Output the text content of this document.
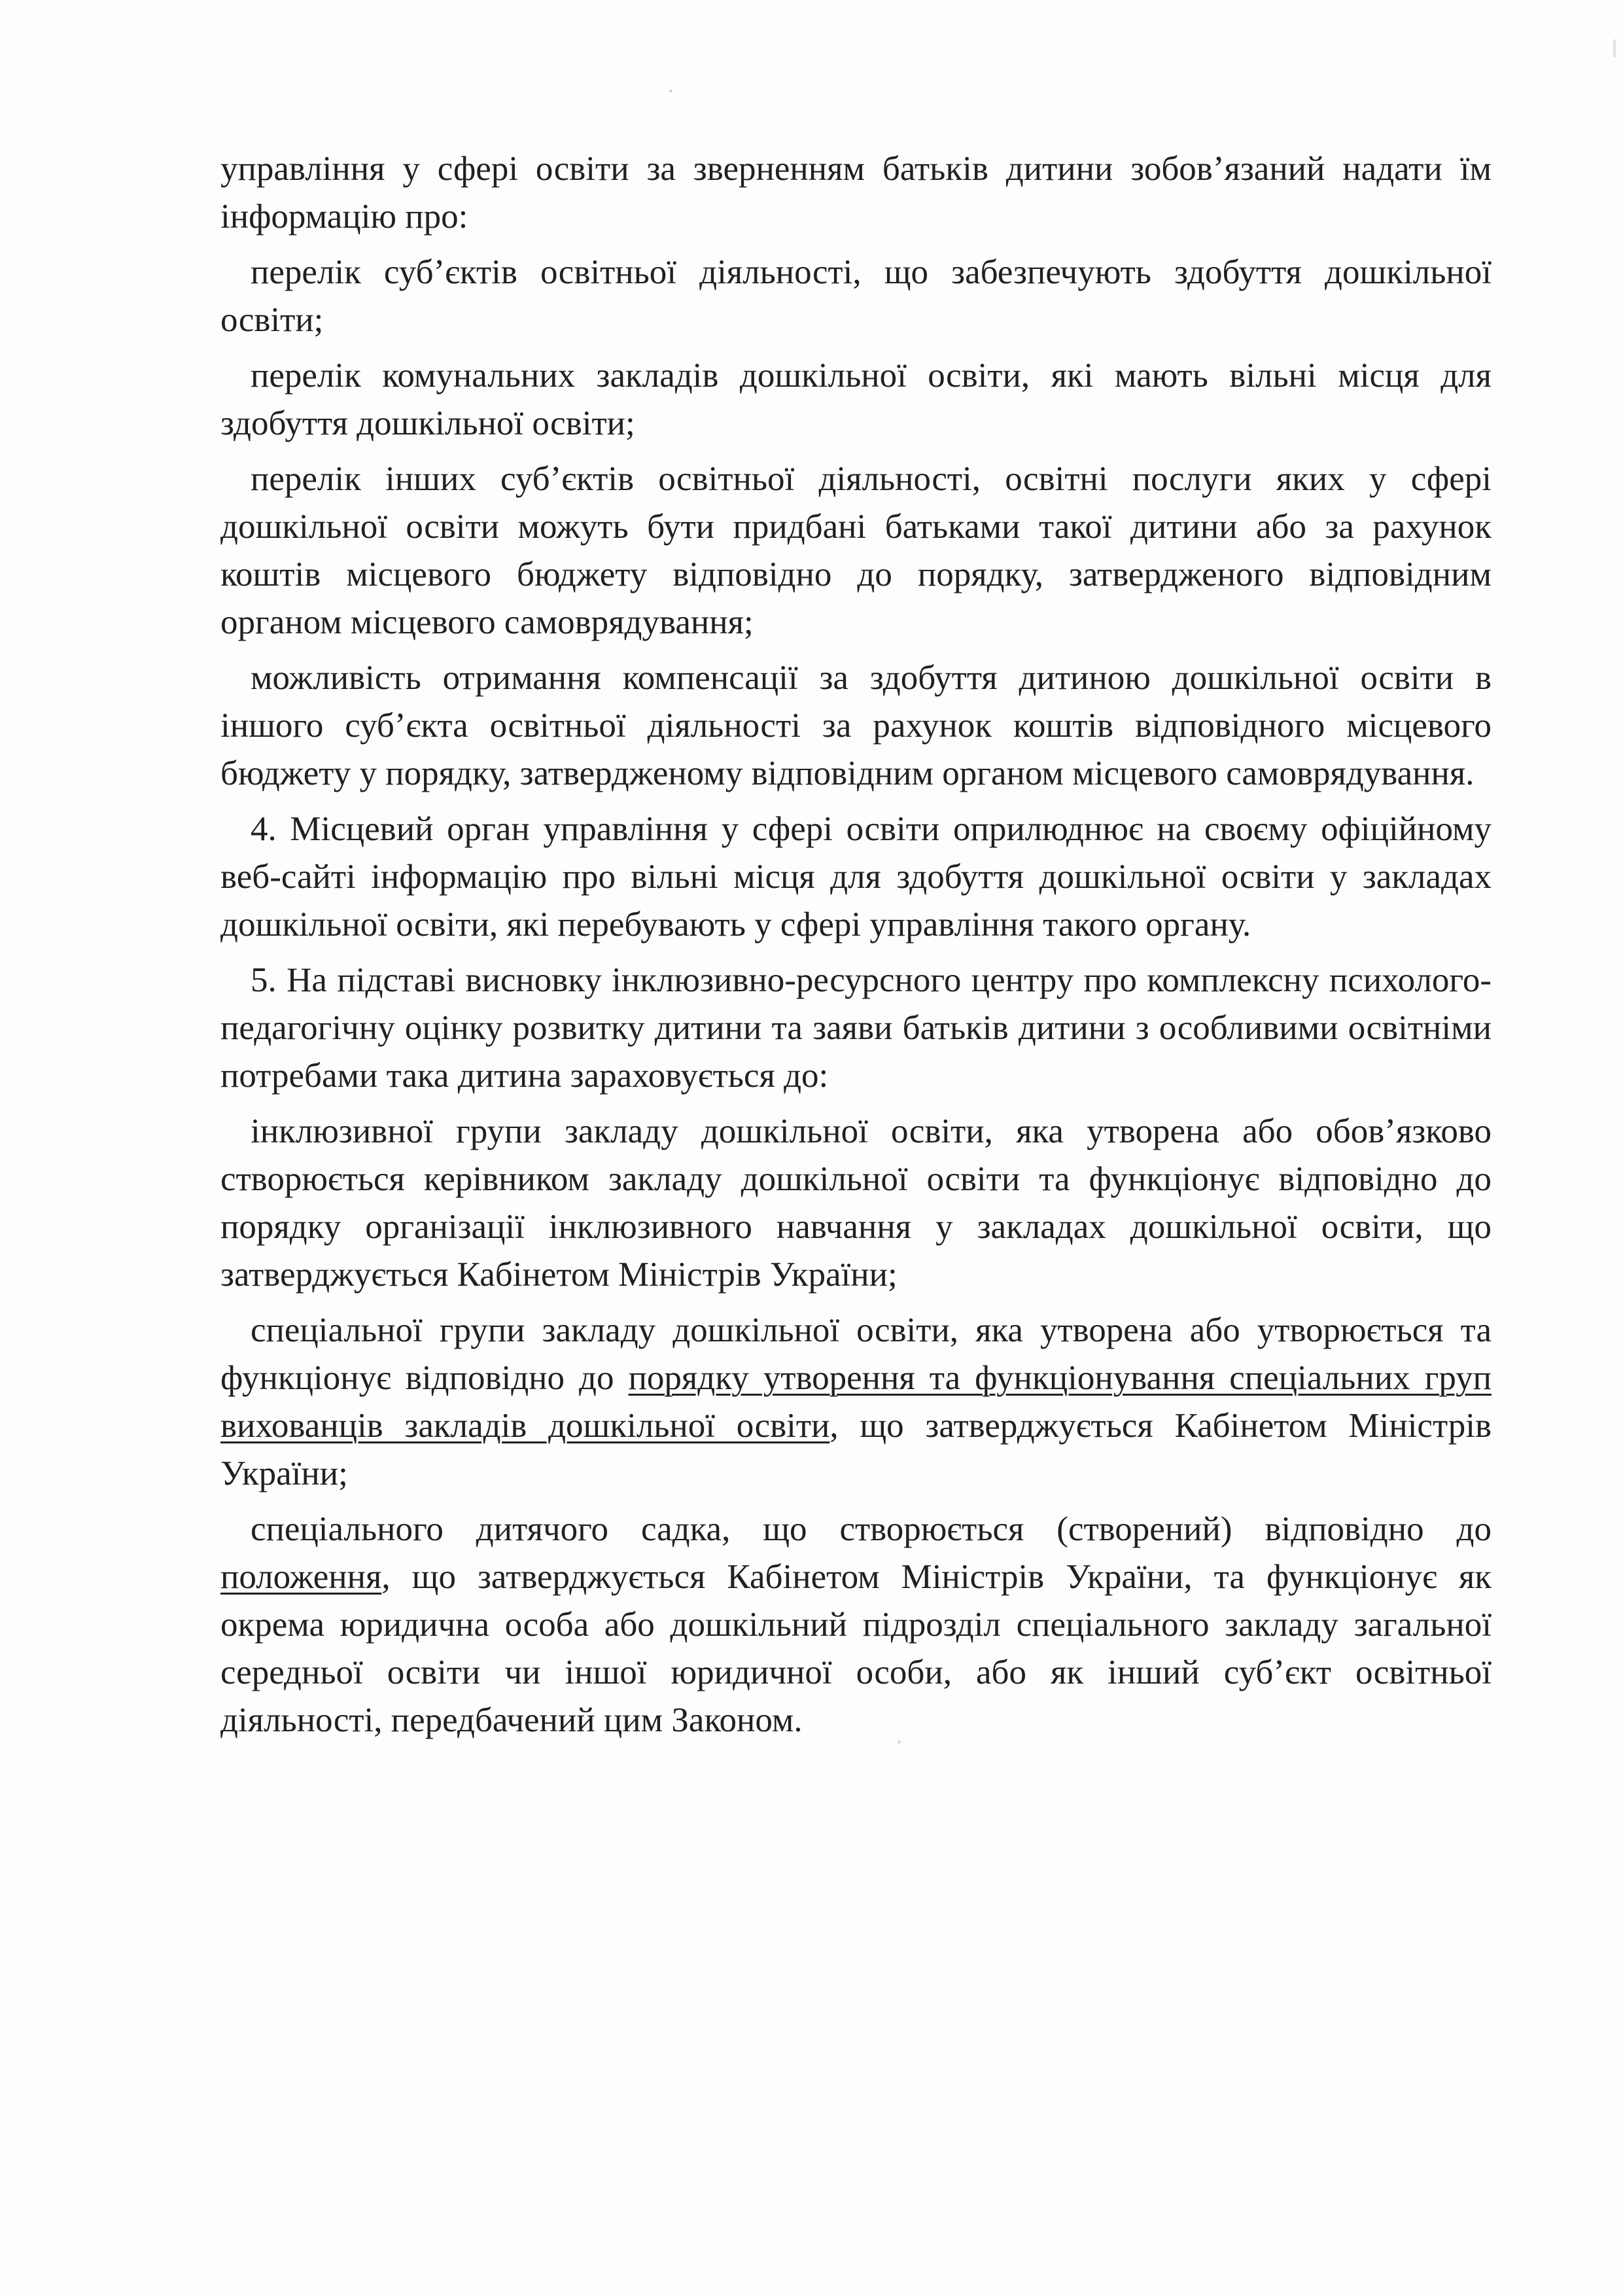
управління у сфері освіти за зверненням батьків дитини зобов’язаний надати їм інформацію про:

перелік суб’єктів освітньої діяльності, що забезпечують здобуття дошкільної освіти;

перелік комунальних закладів дошкільної освіти, які мають вільні місця для здобуття дошкільної освіти;

перелік інших суб’єктів освітньої діяльності, освітні послуги яких у сфері дошкільної освіти можуть бути придбані батьками такої дитини або за рахунок коштів місцевого бюджету відповідно до порядку, затвердженого відповідним органом місцевого самоврядування;

можливість отримання компенсації за здобуття дитиною дошкільної освіти в іншого суб’єкта освітньої діяльності за рахунок коштів відповідного місцевого бюджету у порядку, затвердженому відповідним органом місцевого самоврядування.

4. Місцевий орган управління у сфері освіти оприлюднює на своєму офіційному веб-сайті інформацію про вільні місця для здобуття дошкільної освіти у закладах дошкільної освіти, які перебувають у сфері управління такого органу.

5. На підставі висновку інклюзивно-ресурсного центру про комплексну психолого-педагогічну оцінку розвитку дитини та заяви батьків дитини з особливими освітніми потребами така дитина зараховується до:

інклюзивної групи закладу дошкільної освіти, яка утворена або обов’язково створюється керівником закладу дошкільної освіти та функціонує відповідно до порядку організації інклюзивного навчання у закладах дошкільної освіти, що затверджується Кабінетом Міністрів України;

спеціальної групи закладу дошкільної освіти, яка утворена або утворюється та функціонує відповідно до порядку утворення та функціонування спеціальних груп вихованців закладів дошкільної освіти, що затверджується Кабінетом Міністрів України;

спеціального дитячого садка, що створюється (створений) відповідно до положення, що затверджується Кабінетом Міністрів України, та функціонує як окрема юридична особа або дошкільний підрозділ спеціального закладу загальної середньої освіти чи іншої юридичної особи, або як інший суб’єкт освітньої діяльності, передбачений цим Законом.
